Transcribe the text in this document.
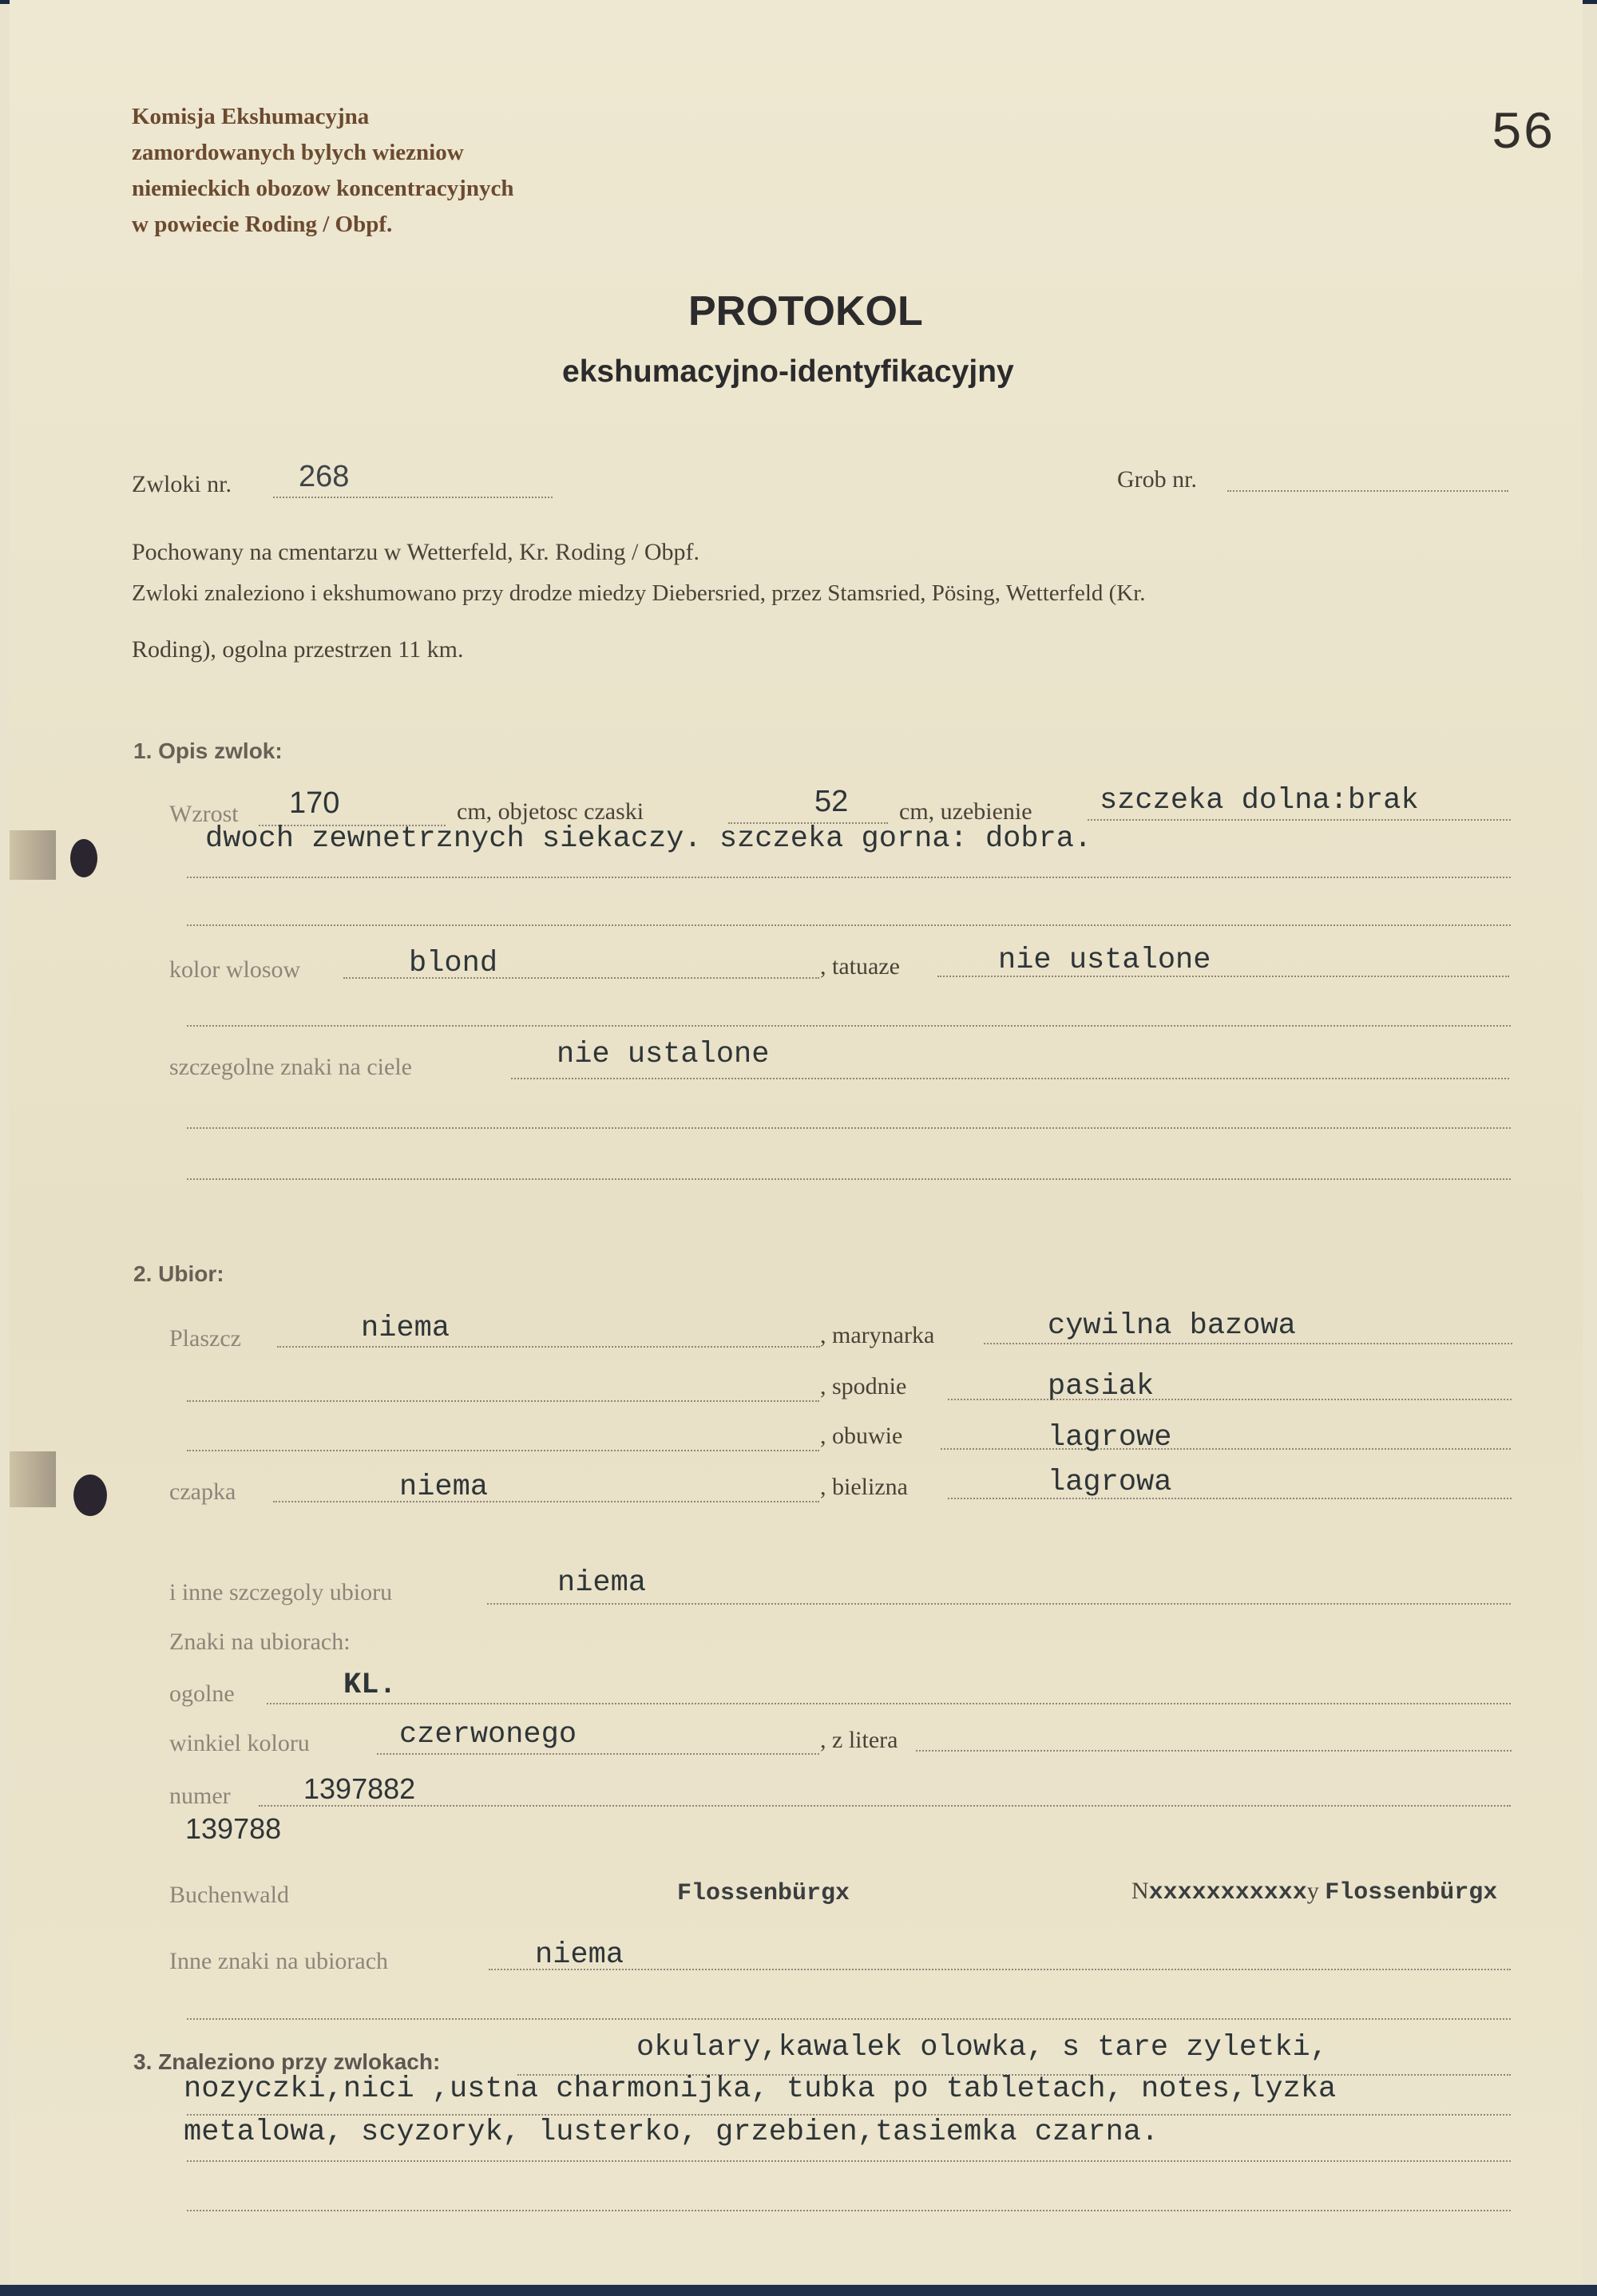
Komisja Ekshumacyjna
zamordowanych bylych wiezniow
niemieckich obozow koncentracyjnych
w powiecie Roding / Obpf.
56
PROTOKOL
ekshumacyjno-identyfikacyjny
Zwloki nr. 268	Grob nr.
Pochowany na cmentarzu w Wetterfeld, Kr. Roding / Obpf.
Zwloki znaleziono i ekshumowano przy drodze miedzy Diebersried, przez Stamsried, Pösing, Wetterfeld (Kr.
Roding), ogolna przestrzen 11 km.
1. Opis zwlok:
Wzrost 170	cm, objetosc czaski	52 cm, uzebienie szczeka dolna:brak
dwoch zewnetrznych siekaczy. szczeka gorna: dobra.
kolor wlosow	blond	, tatuaze	nie ustalone
szczegolne znaki na ciele	nie ustalone
2. Ubior:
Plaszcz	niema	, marynarka	cywilna bazowa
, spodnie	pasiak
, obuwie	lagrowe
czapka	niema	, bielizna	lagrowa
i inne szczegoly ubioru	niema
Znaki na ubiorach:
ogolne	KL.
winkiel koloru	czerwonego	, z litera
numer	1397882
139788
Buchenwald	Flossenbürgx	Nxxxxxxxxxxxy Flossenbürgx
Inne znaki na ubiorach	niema
3. Znaleziono przy zwlokach:	okulary,kawalek olowka, s tare zyletki,
nozyczki,nici ,ustna charmonijka, tubka po tabletach, notes,lyzka
metalowa, scyzoryk, lusterko, grzebien,tasiemka czarna.
